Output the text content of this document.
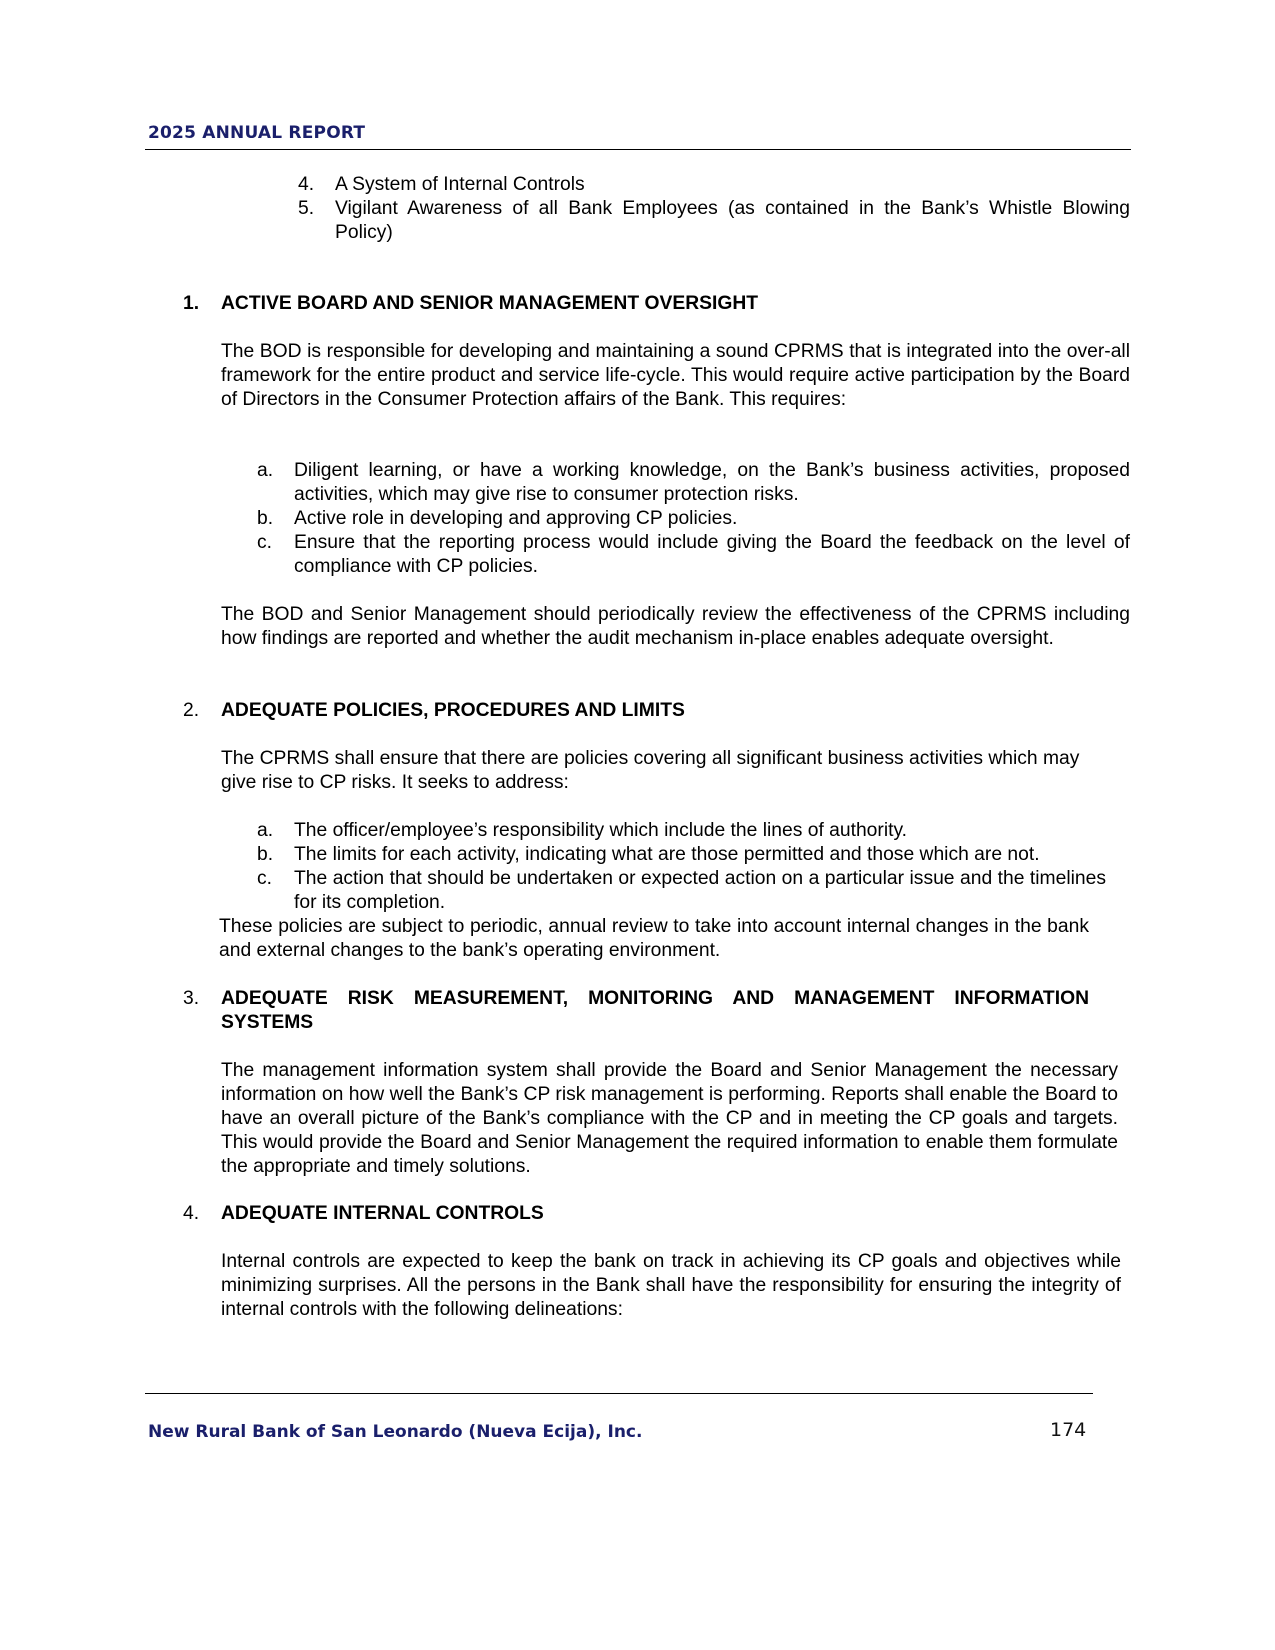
2025 ANNUAL REPORT
4.	A System of Internal Controls
5.	Vigilant Awareness of all Bank Employees (as contained in the Bank’s Whistle Blowing Policy)
1.	ACTIVE BOARD AND SENIOR MANAGEMENT OVERSIGHT
The BOD is responsible for developing and maintaining a sound CPRMS that is integrated into the over-all framework for the entire product and service life-cycle. This would require active participation by the Board of Directors in the Consumer Protection affairs of the Bank. This requires:
a.	Diligent learning, or have a working knowledge, on the Bank’s business activities, proposed activities, which may give rise to consumer protection risks.
b.	Active role in developing and approving CP policies.
c.	Ensure that the reporting process would include giving the Board the feedback on the level of compliance with CP policies.
The BOD and Senior Management should periodically review the effectiveness of the CPRMS including how findings are reported and whether the audit mechanism in-place enables adequate oversight.
2.	ADEQUATE POLICIES, PROCEDURES AND LIMITS
The CPRMS shall ensure that there are policies covering all significant business activities which may give rise to CP risks. It seeks to address:
a.	The officer/employee’s responsibility which include the lines of authority.
b.	The limits for each activity, indicating what are those permitted and those which are not.
c.	The action that should be undertaken or expected action on a particular issue and the timelines for its completion.
These policies are subject to periodic, annual review to take into account internal changes in the bank and external changes to the bank’s operating environment.
3.	ADEQUATE RISK MEASUREMENT, MONITORING AND MANAGEMENT INFORMATION SYSTEMS
The management information system shall provide the Board and Senior Management the necessary information on how well the Bank’s CP risk management is performing. Reports shall enable the Board to have an overall picture of the Bank’s compliance with the CP and in meeting the CP goals and targets. This would provide the Board and Senior Management the required information to enable them formulate the appropriate and timely solutions.
4.	ADEQUATE INTERNAL CONTROLS
Internal controls are expected to keep the bank on track in achieving its CP goals and objectives while minimizing surprises. All the persons in the Bank shall have the responsibility for ensuring the integrity of internal controls with the following delineations:
New Rural Bank of San Leonardo (Nueva Ecija), Inc.	174
